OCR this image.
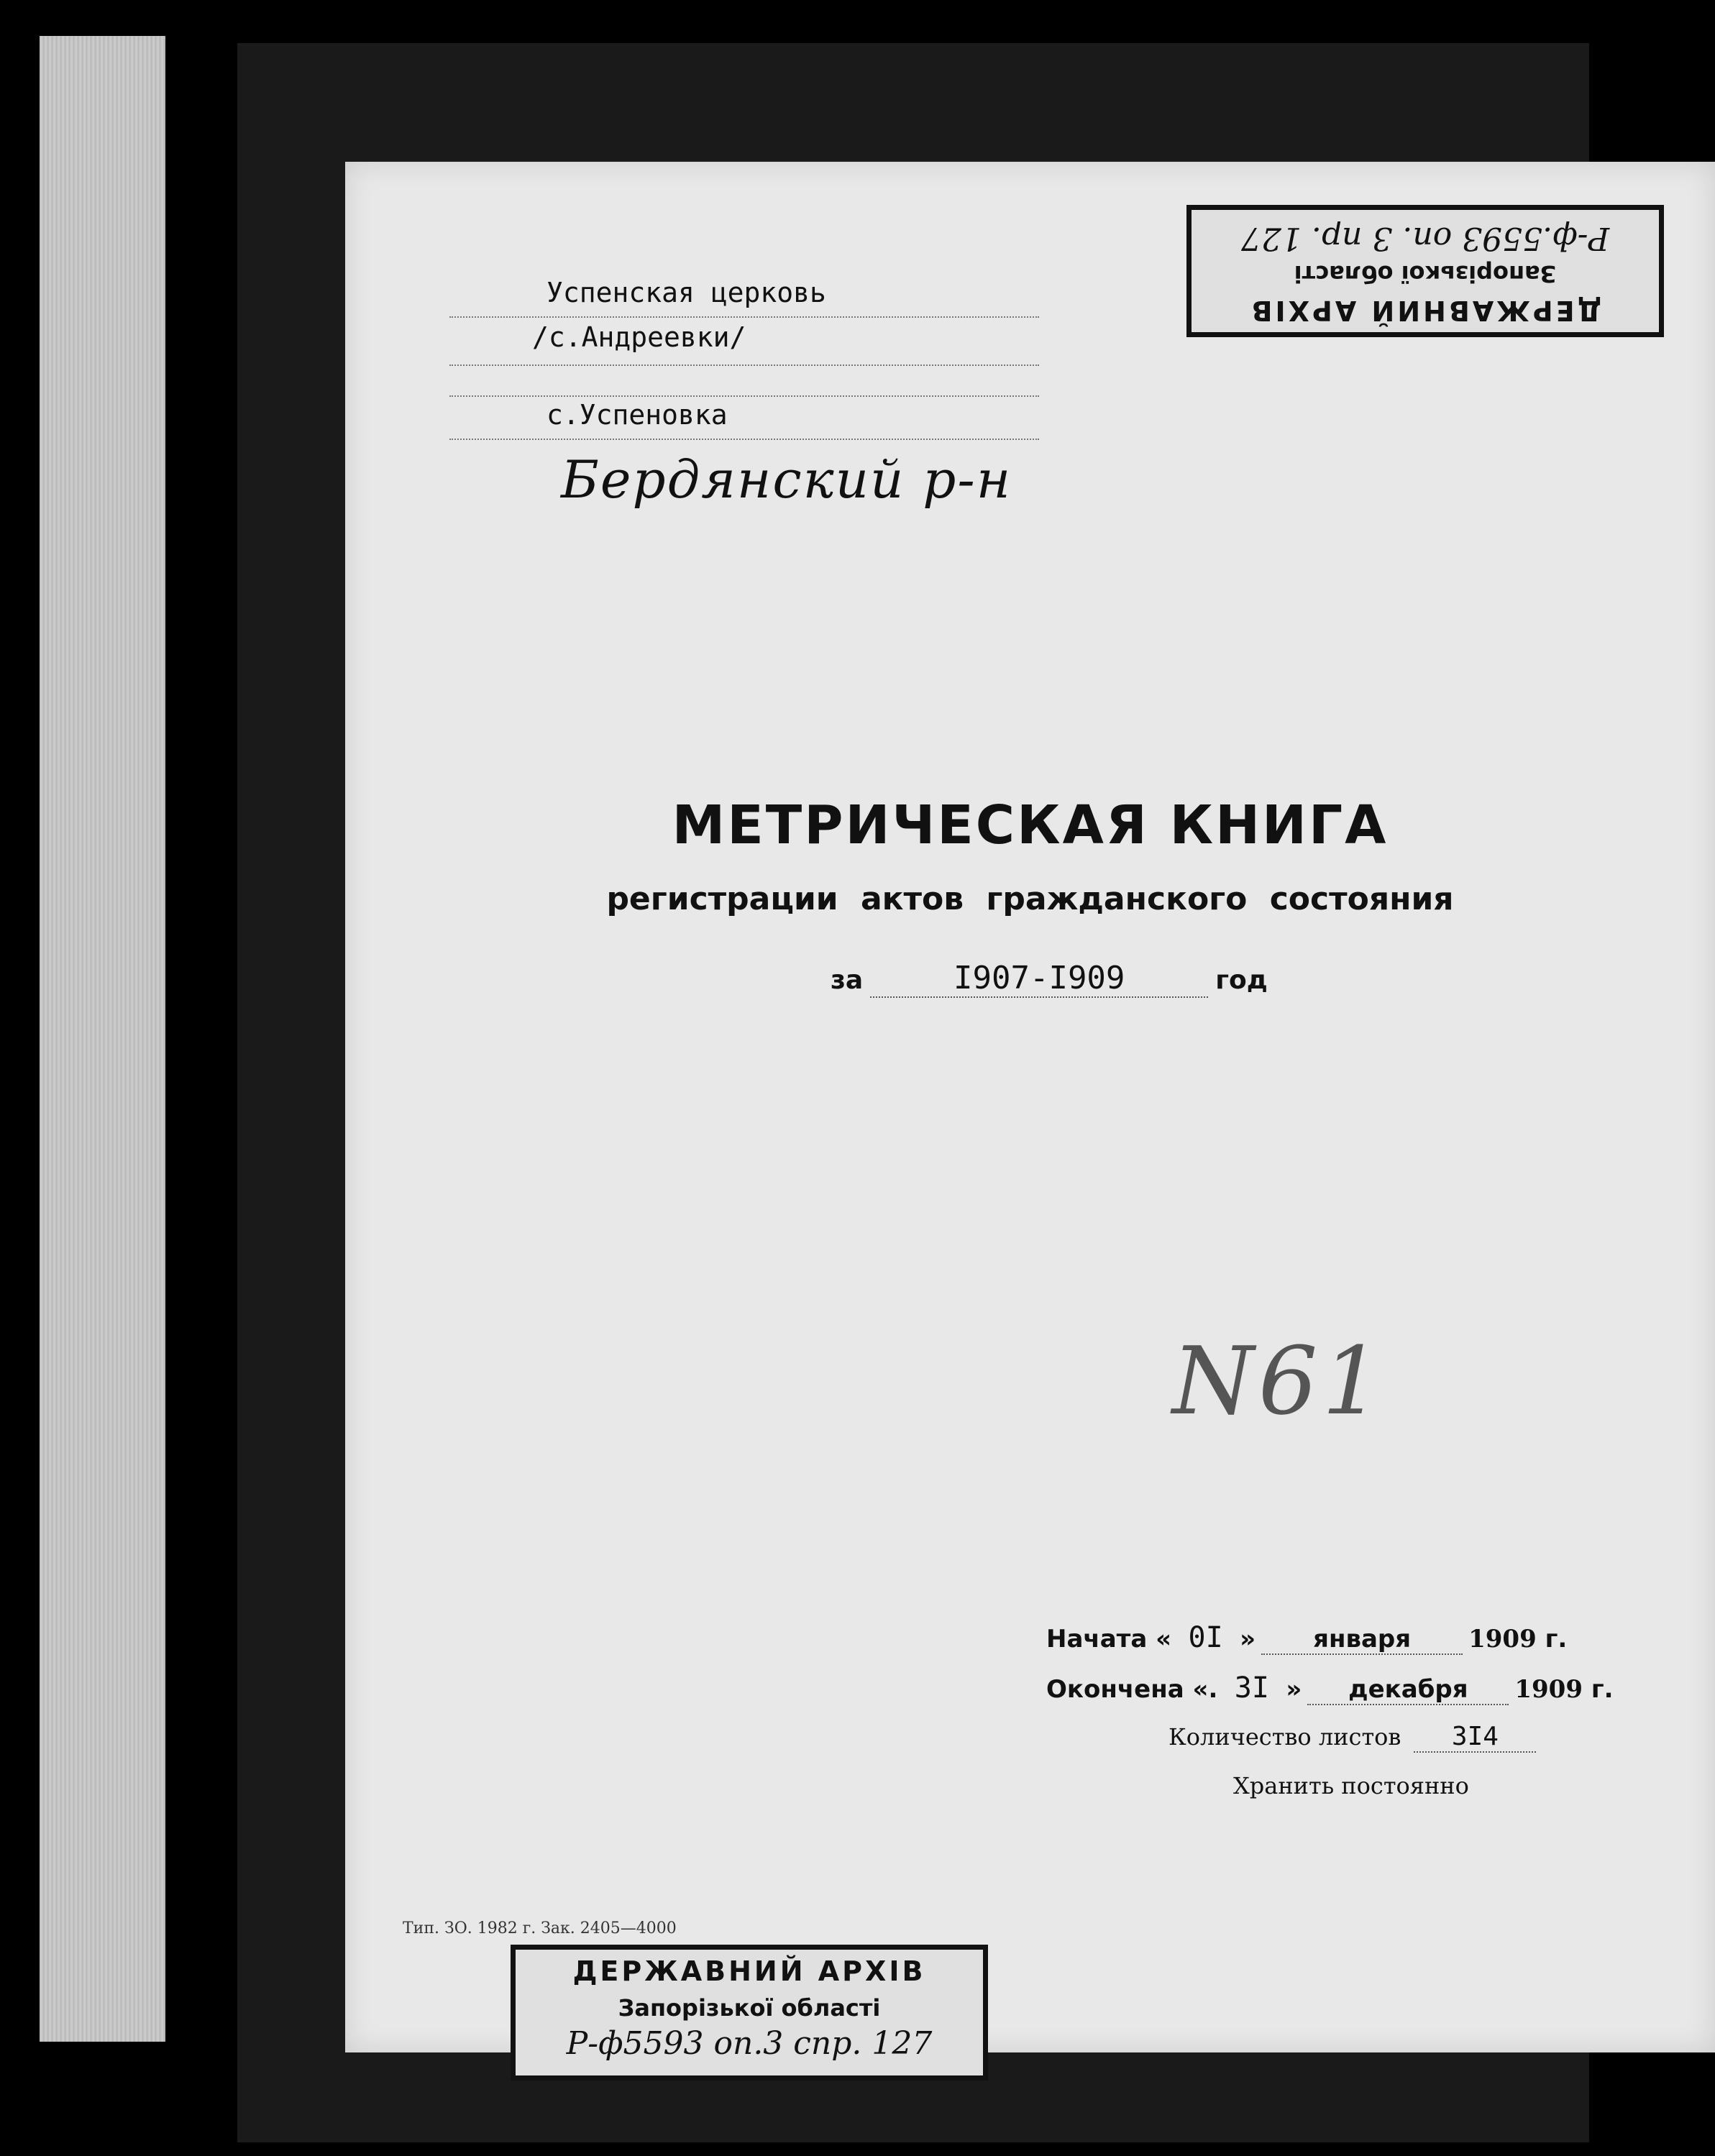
Успенская церковь
/с.Андреевки/
с.Успеновка
Бердянский р-н
ДЕРЖАВНИЙ АРХІВ
Запорізької області
Р-ф.5593 оп. 3 пр. 127
МЕТРИЧЕСКАЯ КНИГА
регистрации актов гражданского состояния
за	I907-I909	год
N61
Начата « 0I » января 1909 г.
Окончена «. 3I » декабря 1909 г.
Количество листов 3I4
Хранить постоянно
Тип. ЗО. 1982 г. Зак. 2405—4000
ДЕРЖАВНИЙ АРХІВ
Запорізької області
Р-ф5593 оп.3 спр. 127
